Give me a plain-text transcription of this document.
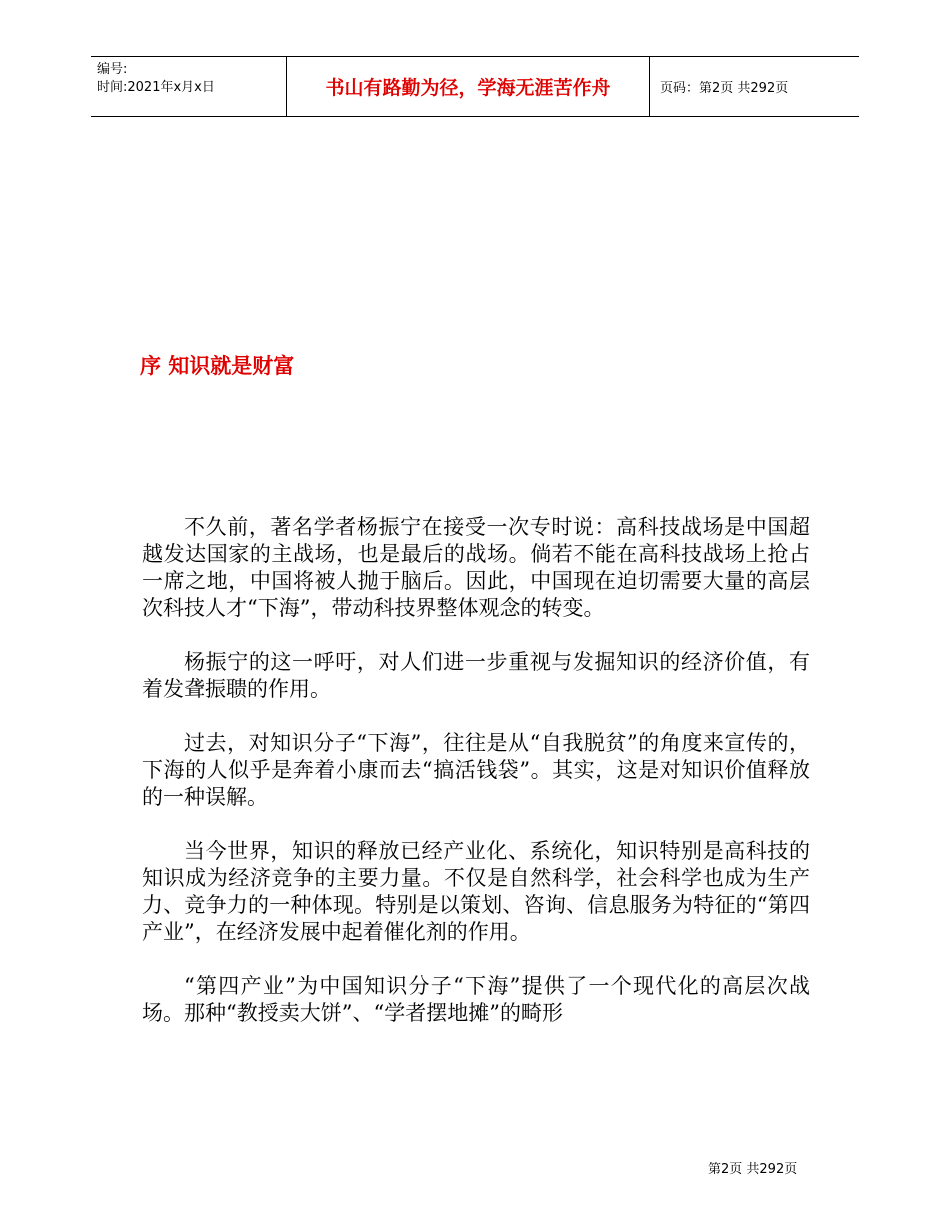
编号:
时间:2021年x月x日	书山有路勤为径，学海无涯苦作舟	页码：第2页 共292页
序 知识就是财富

不久前，著名学者杨振宁在接受一次专时说：高科技战场是中国超越发达国家的主战场，也是最后的战场。倘若不能在高科技战场上抢占一席之地，中国将被人抛于脑后。因此，中国现在迫切需要大量的高层次科技人才“下海”，带动科技界整体观念的转变。

杨振宁的这一呼吁，对人们进一步重视与发掘知识的经济价值，有着发聋振聩的作用。

过去，对知识分子“下海”，往往是从“自我脱贫”的角度来宣传的，下海的人似乎是奔着小康而去“搞活钱袋”。其实，这是对知识价值释放的一种误解。

当今世界，知识的释放已经产业化、系统化，知识特别是高科技的知识成为经济竞争的主要力量。不仅是自然科学，社会科学也成为生产力、竞争力的一种体现。特别是以策划、咨询、信息服务为特征的“第四产业”，在经济发展中起着催化剂的作用。

“第四产业”为中国知识分子“下海”提供了一个现代化的高层次战场。那种“教授卖大饼”、“学者摆地摊”的畸形

第2页 共292页
